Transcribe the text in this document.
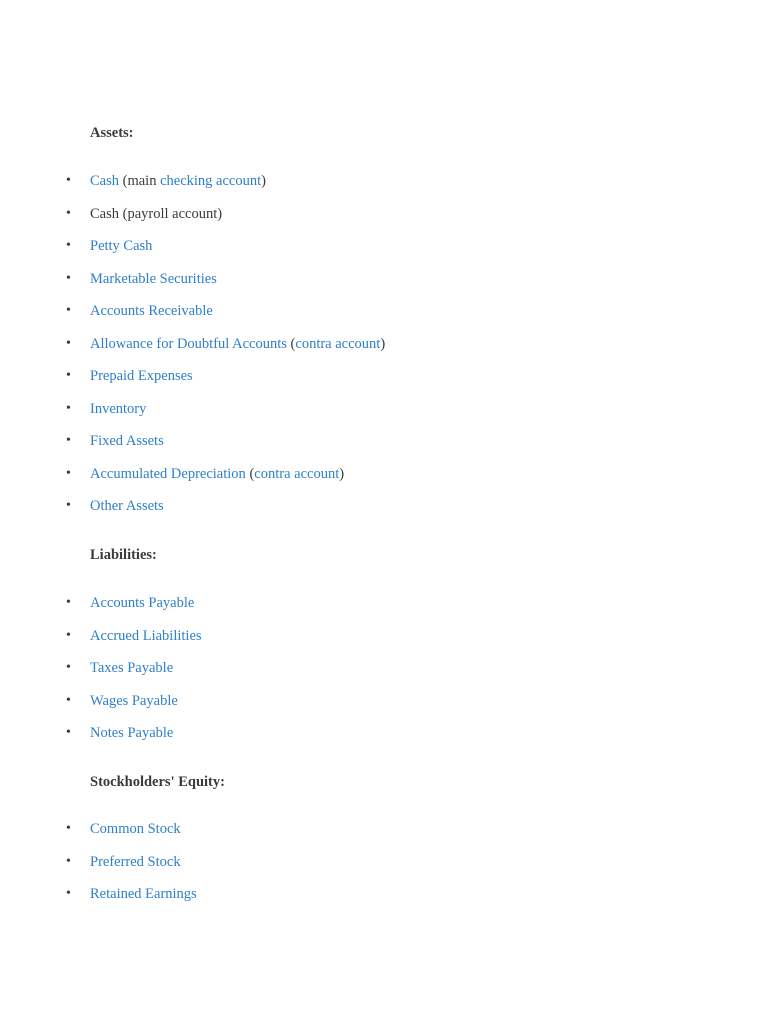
Assets:
• Cash (main checking account)
• Cash (payroll account)
• Petty Cash
• Marketable Securities
• Accounts Receivable
• Allowance for Doubtful Accounts (contra account)
• Prepaid Expenses
• Inventory
• Fixed Assets
• Accumulated Depreciation (contra account)
• Other Assets
Liabilities:
• Accounts Payable
• Accrued Liabilities
• Taxes Payable
• Wages Payable
• Notes Payable
Stockholders' Equity:
• Common Stock
• Preferred Stock
• Retained Earnings
